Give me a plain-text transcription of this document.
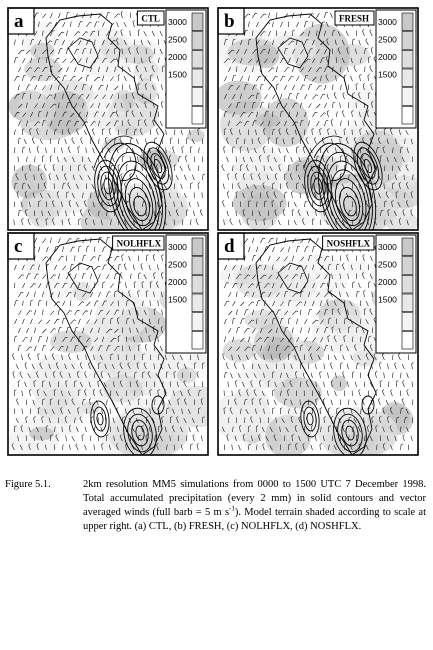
3000
2500
2000
1500
a	CTL	3000
2500
2000
1500
b	FRESH
3000
2500
2000
1500
c	NOLHFLX	3000
2500
2000
1500
d	NOSHFLX
Figure 5.1.	2km resolution MM5 simulations from 0000 to 1500 UTC 7 December 1998. Total accumulated precipitation (every 2 mm) in solid contours and vector averaged winds (full barb = 5 m $s^{-1}$). Model terrain shaded according to scale at upper right. (a) CTL, (b) FRESH, (c) NOLHFLX, (d) NOSHFLX.
